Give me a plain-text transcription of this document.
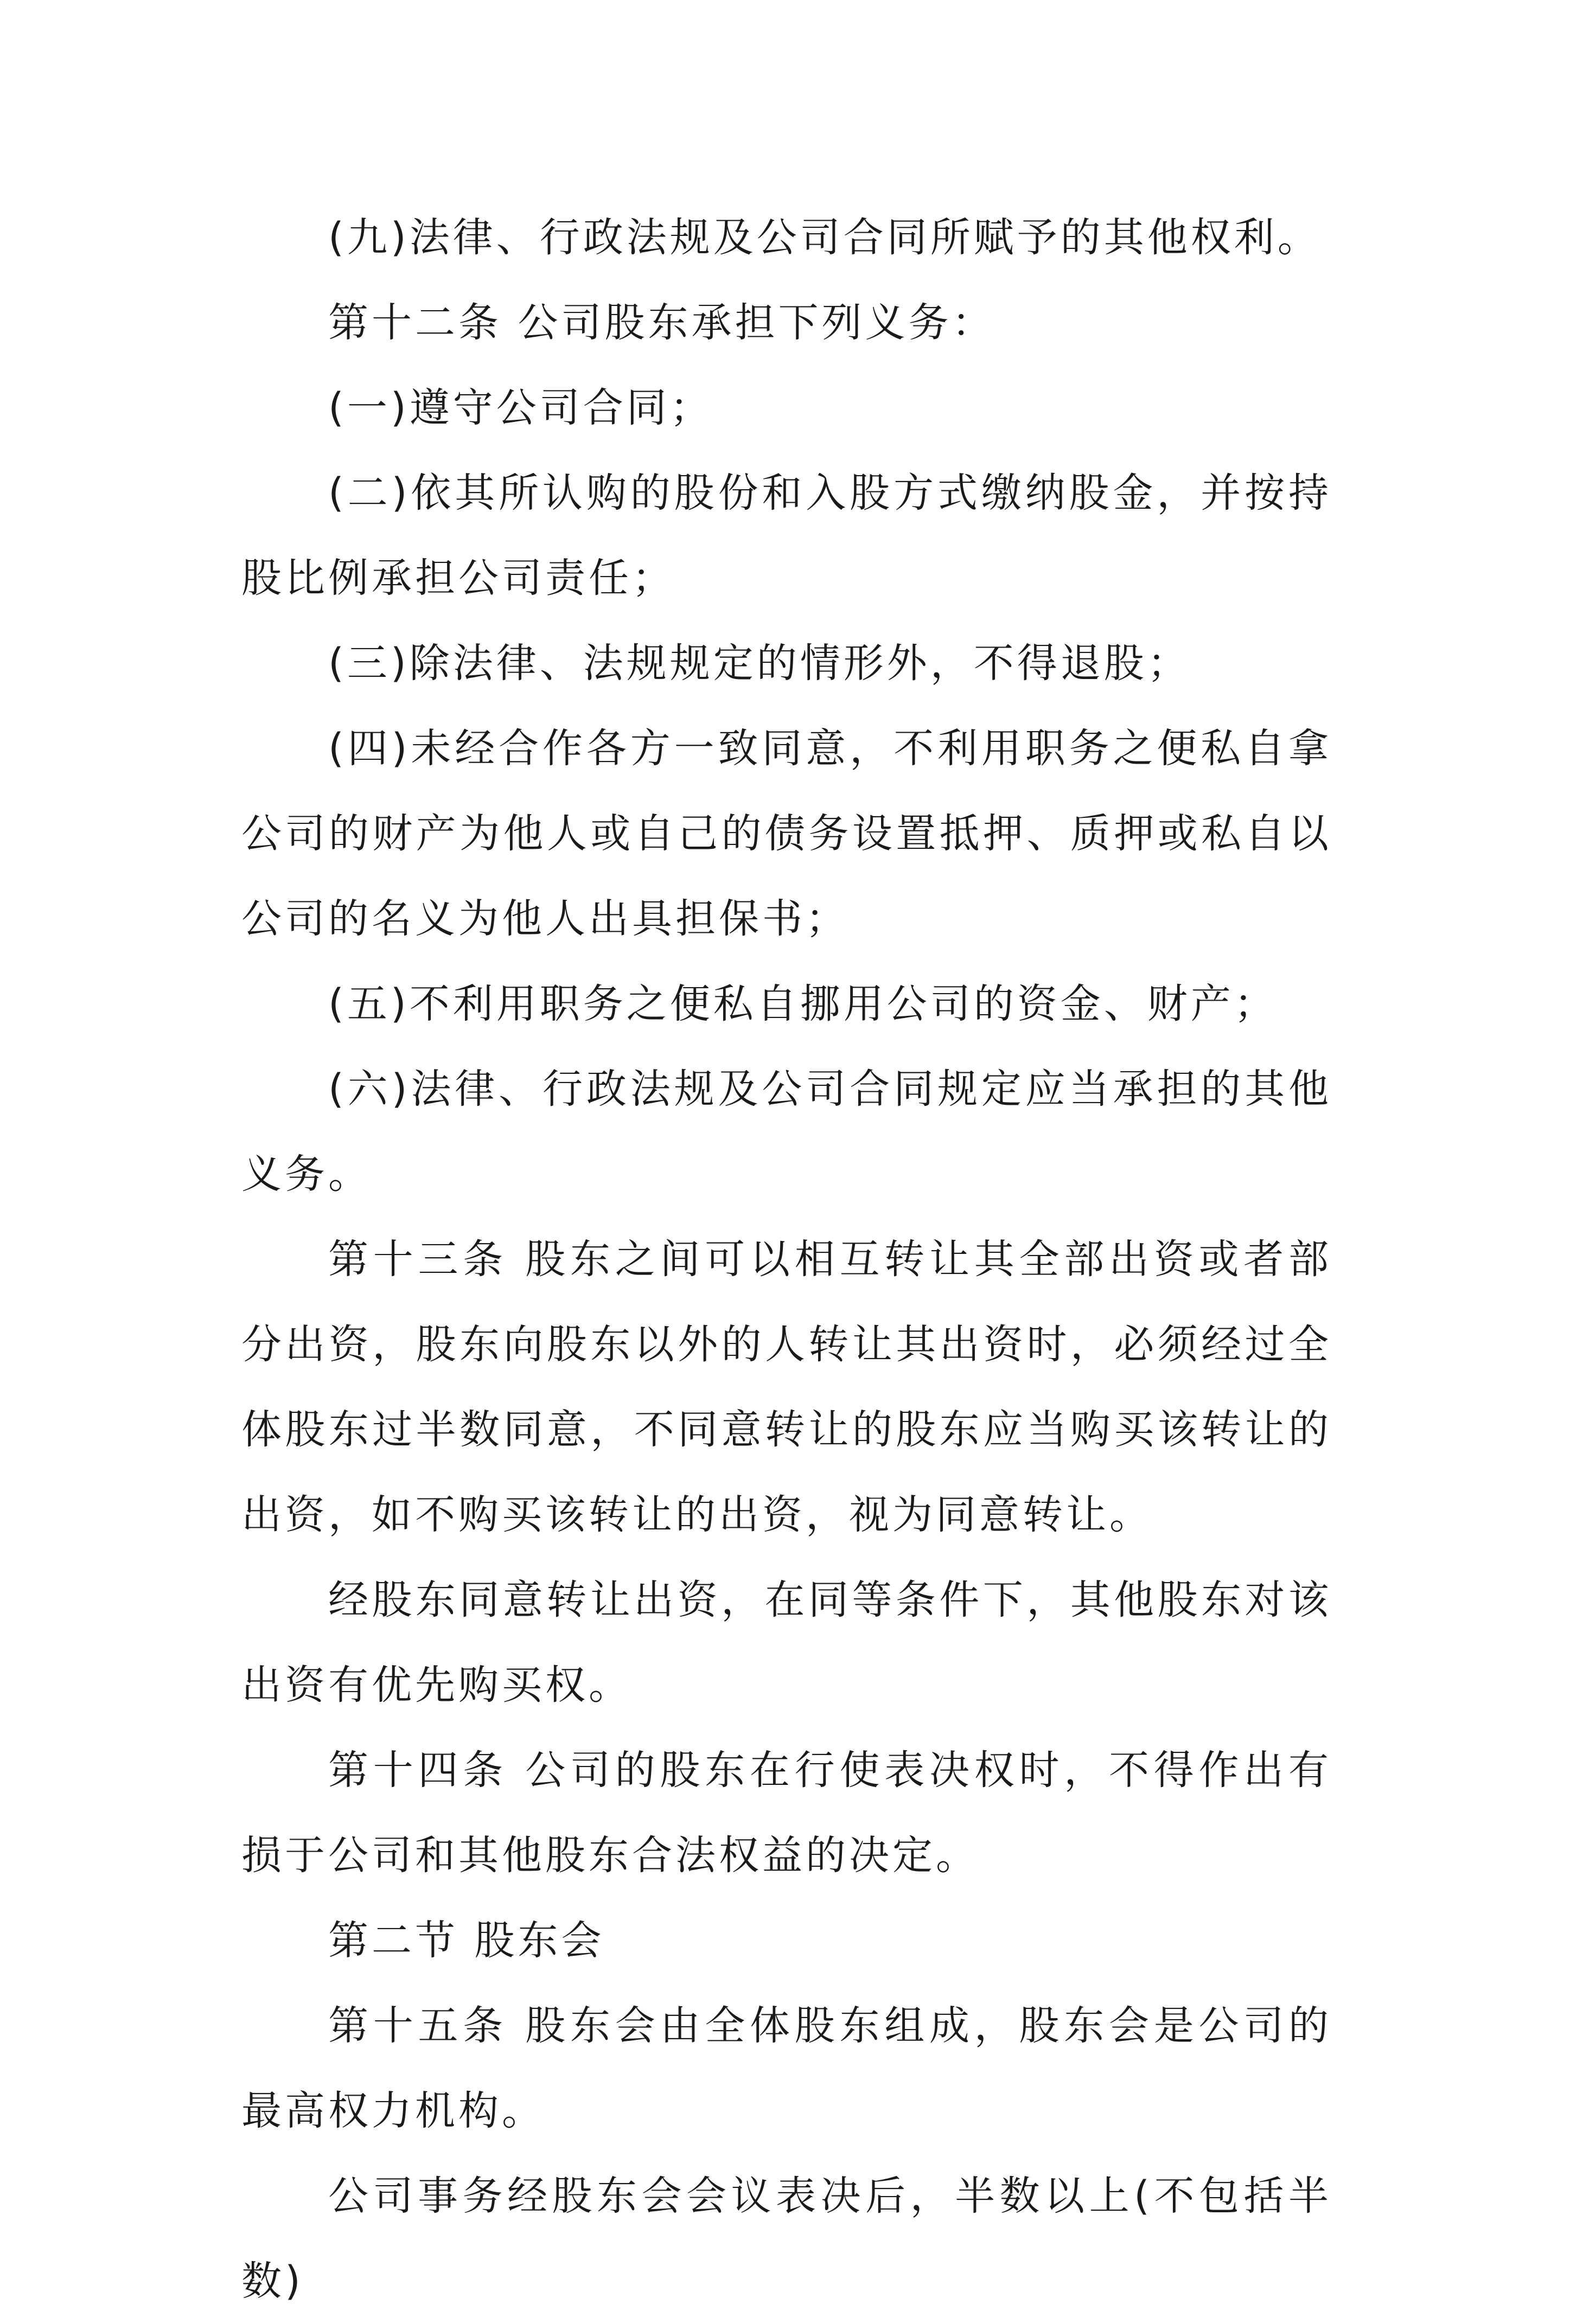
(九)法律、行政法规及公司合同所赋予的其他权利。

第十二条 公司股东承担下列义务：

(一)遵守公司合同；

(二)依其所认购的股份和入股方式缴纳股金，并按持股比例承担公司责任；

(三)除法律、法规规定的情形外，不得退股；

(四)未经合作各方一致同意，不利用职务之便私自拿公司的财产为他人或自己的债务设置抵押、质押或私自以公司的名义为他人出具担保书；

(五)不利用职务之便私自挪用公司的资金、财产；

(六)法律、行政法规及公司合同规定应当承担的其他义务。

第十三条 股东之间可以相互转让其全部出资或者部分出资，股东向股东以外的人转让其出资时，必须经过全体股东过半数同意，不同意转让的股东应当购买该转让的出资，如不购买该转让的出资，视为同意转让。

经股东同意转让出资，在同等条件下，其他股东对该出资有优先购买权。

第十四条 公司的股东在行使表决权时，不得作出有损于公司和其他股东合法权益的决定。

第二节 股东会

第十五条 股东会由全体股东组成，股东会是公司的最高权力机构。

公司事务经股东会会议表决后，半数以上(不包括半数)
